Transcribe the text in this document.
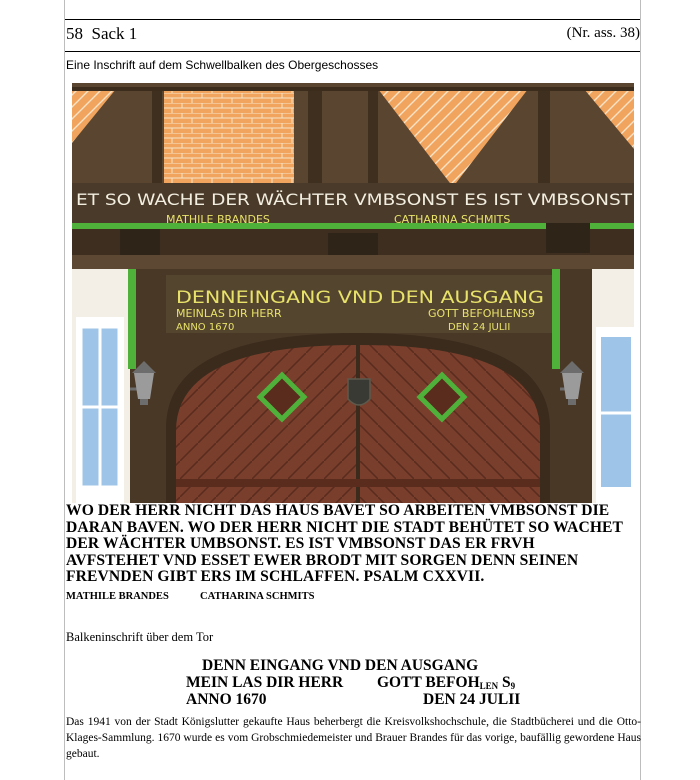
58 Sack 1	(Nr. ass. 38)
Eine Inschrift auf dem Schwellbalken des Obergeschosses
ET SO WACHE DER WÄCHTER VMBSONST ES IST VMBSONST
MATHILE BRANDES	CATHARINA SCHMITS
DENNEINGANG VND DEN AUSGANG
MEINLAS DIR HERR	GOTT BEFOHLENS9
ANNO 1670	DEN 24 JULII
WO DER HERR NICHT DAS HAUS BAVET SO ARBEITEN VMBSONST DIE
DARAN BAVEN. WO DER HERR NICHT DIE STADT BEHÜTET SO WACHET
DER WÄCHTER UMBSONST. ES IST VMBSONST DAS ER FRVH
AVFSTEHET VND ESSET EWER BRODT MIT SORGEN DENN SEINEN
FREVNDEN GIBT ERS IM SCHLAFFEN. PSALM CXXVII.
MATHILE BRANDES	CATHARINA SCHMITS
Balkeninschrift über dem Tor
DENN EINGANG VND DEN AUSGANG
MEIN LAS DIR HERR GOTT $BEFOH_{LEN}$ $S_9$
ANNO 1670	DEN 24 JULII
Das 1941 von der Stadt Königslutter gekaufte Haus beherbergt die Kreisvolkshochschule, die Stadtbücherei und die Otto-Klages-Sammlung. 1670 wurde es vom Grobschmiedemeister und Brauer Brandes für das vorige, baufällig gewordene Haus gebaut.
